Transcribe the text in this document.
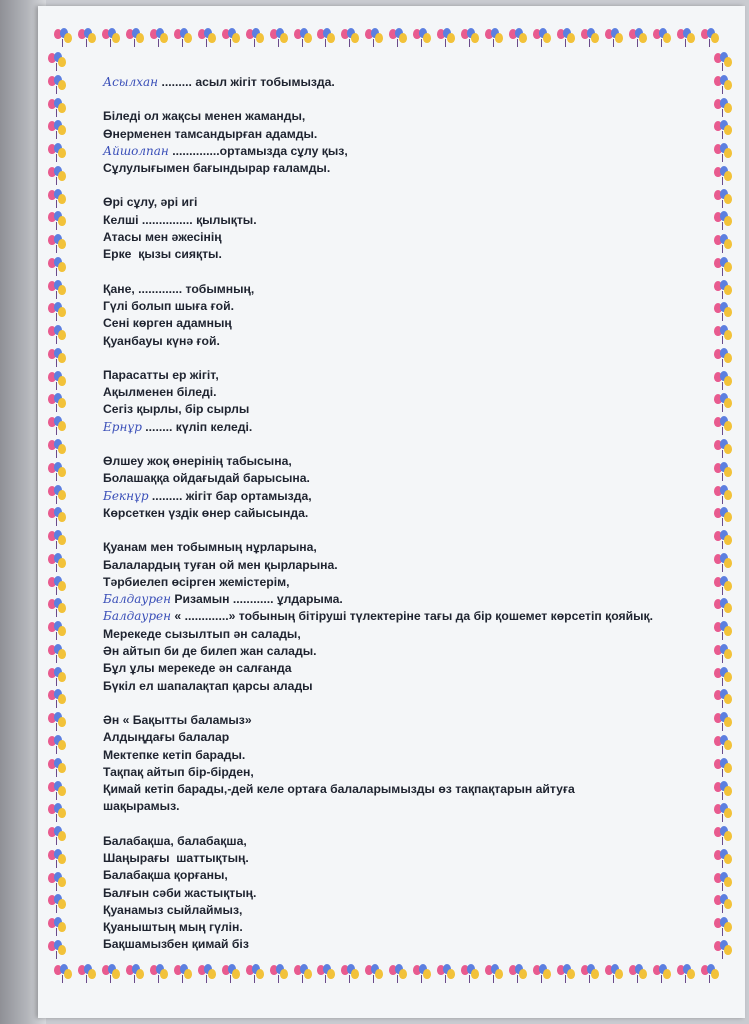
Асылхан ......... асыл жігіт тобымызда.
Біледі ол жақсы менен жаманды,
Өнерменен тамсандырған адамды.
Айшолпан ..............ортамызда сұлу қыз,
Сұлулығымен бағындырар ғаламды.
Өрі сұлу, әрі игі
Келші ............... қылықты.
Атасы мен әжесінің
Ерке  қызы сияқты.
Қане, ............. тобымның,
Гүлі болып шыға ғой.
Сені көрген адамның
Қуанбауы күнә ғой.
Парасатты ер жігіт,
Ақылменен біледі.
Сегіз қырлы, бір сырлы
Ернұр ........ күліп келеді.
Өлшеу жоқ өнерінің табысына,
Болашаққа ойдағыдай барысына.
Бекнұр ......... жігіт бар ортамызда,
Көрсеткен үздік өнер сайысында.
Қуанам мен тобымның нұрларына,
Балалардың туған ой мен қырларына.
Тәрбиелеп өсірген жемістерім,
Балдаурен Ризамын ............ ұлдарыма.
Балдаурен « .............» тобының бітіруші түлектеріне тағы да бір қошемет көрсетіп қояйық.
Мерекеде сызылтып ән салады,
Ән айтып би де билеп жан салады.
Бұл ұлы мерекеде ән салғанда
Бүкіл ел шапалақтап қарсы алады
Ән « Бақытты баламыз»
Алдыңдағы балалар
Мектепке кетіп барады.
Тақпақ айтып бір-бірден,
Қимай кетіп барады,-дей келе ортаға балаларымызды өз тақпақтарын айтуға
шақырамыз.
Балабақша, балабақша,
Шаңырағы  шаттықтың.
Балабақша қорғаны,
Балғын сәби жастықтың.
Қуанамыз сыйлаймыз,
Қуаныштың мың гүлін.
Бақшамызбен қимай біз
